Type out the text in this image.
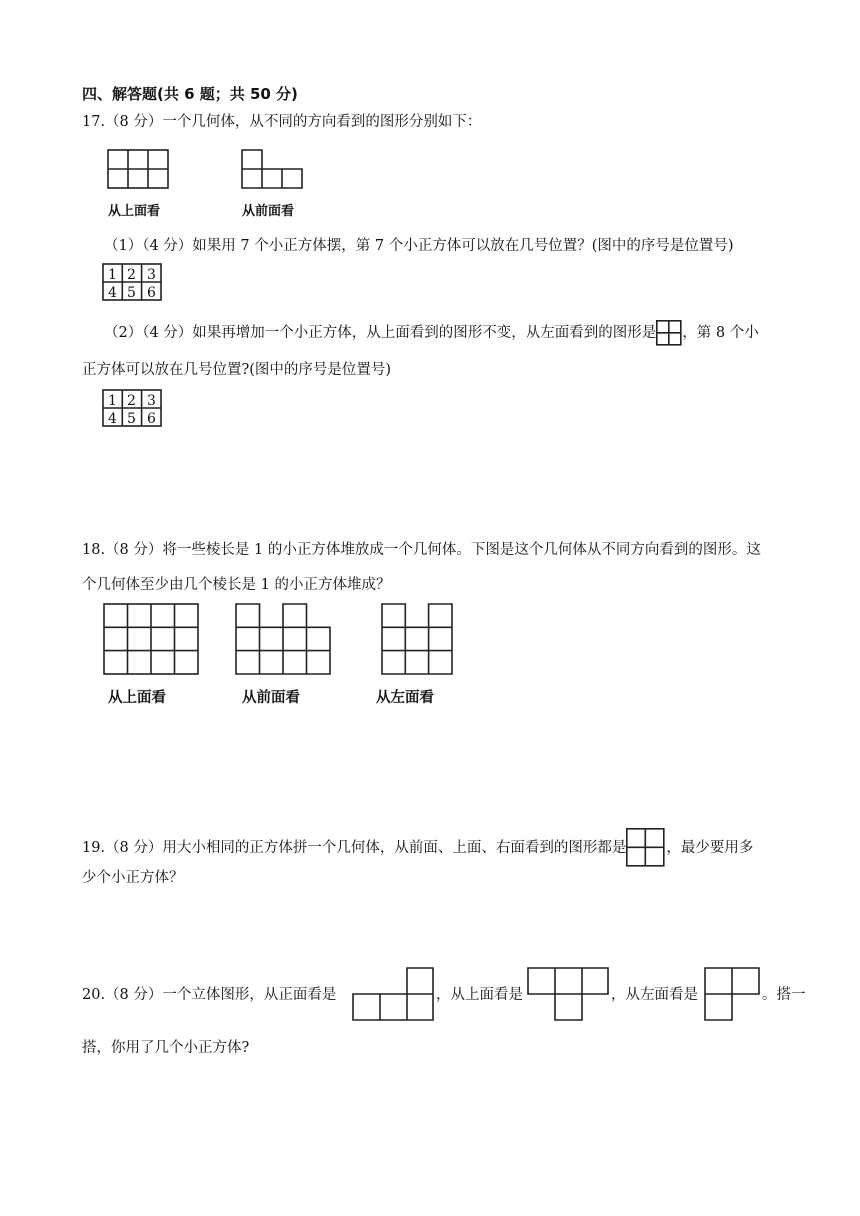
四、解答题(共 6 题；共 50 分)
17.（8 分）一个几何体，从不同的方向看到的图形分别如下：
从上面看	从前面看
（1）（4 分）如果用 7 个小正方体摆，第 7 个小正方体可以放在几号位置？(图中的序号是位置号)
1 2 3
4 5 6
（2）（4 分）如果再增加一个小正方体，从上面看到的图形不变，从左面看到的图形是 ，第 8 个小
正方体可以放在几号位置?(图中的序号是位置号)
1 2 3
4 5 6
18.（8 分）将一些棱长是 1 的小正方体堆放成一个几何体。下图是这个几何体从不同方向看到的图形。这
个几何体至少由几个棱长是 1 的小正方体堆成？
从上面看	从前面看	从左面看
19.（8 分）用大小相同的正方体拼一个几何体，从前面、上面、右面看到的图形都是	，最少要用多
少个小正方体？
20.（8 分）一个立体图形，从正面看是	，从上面看是	，从左面看是	。搭一
搭，你用了几个小正方体?
